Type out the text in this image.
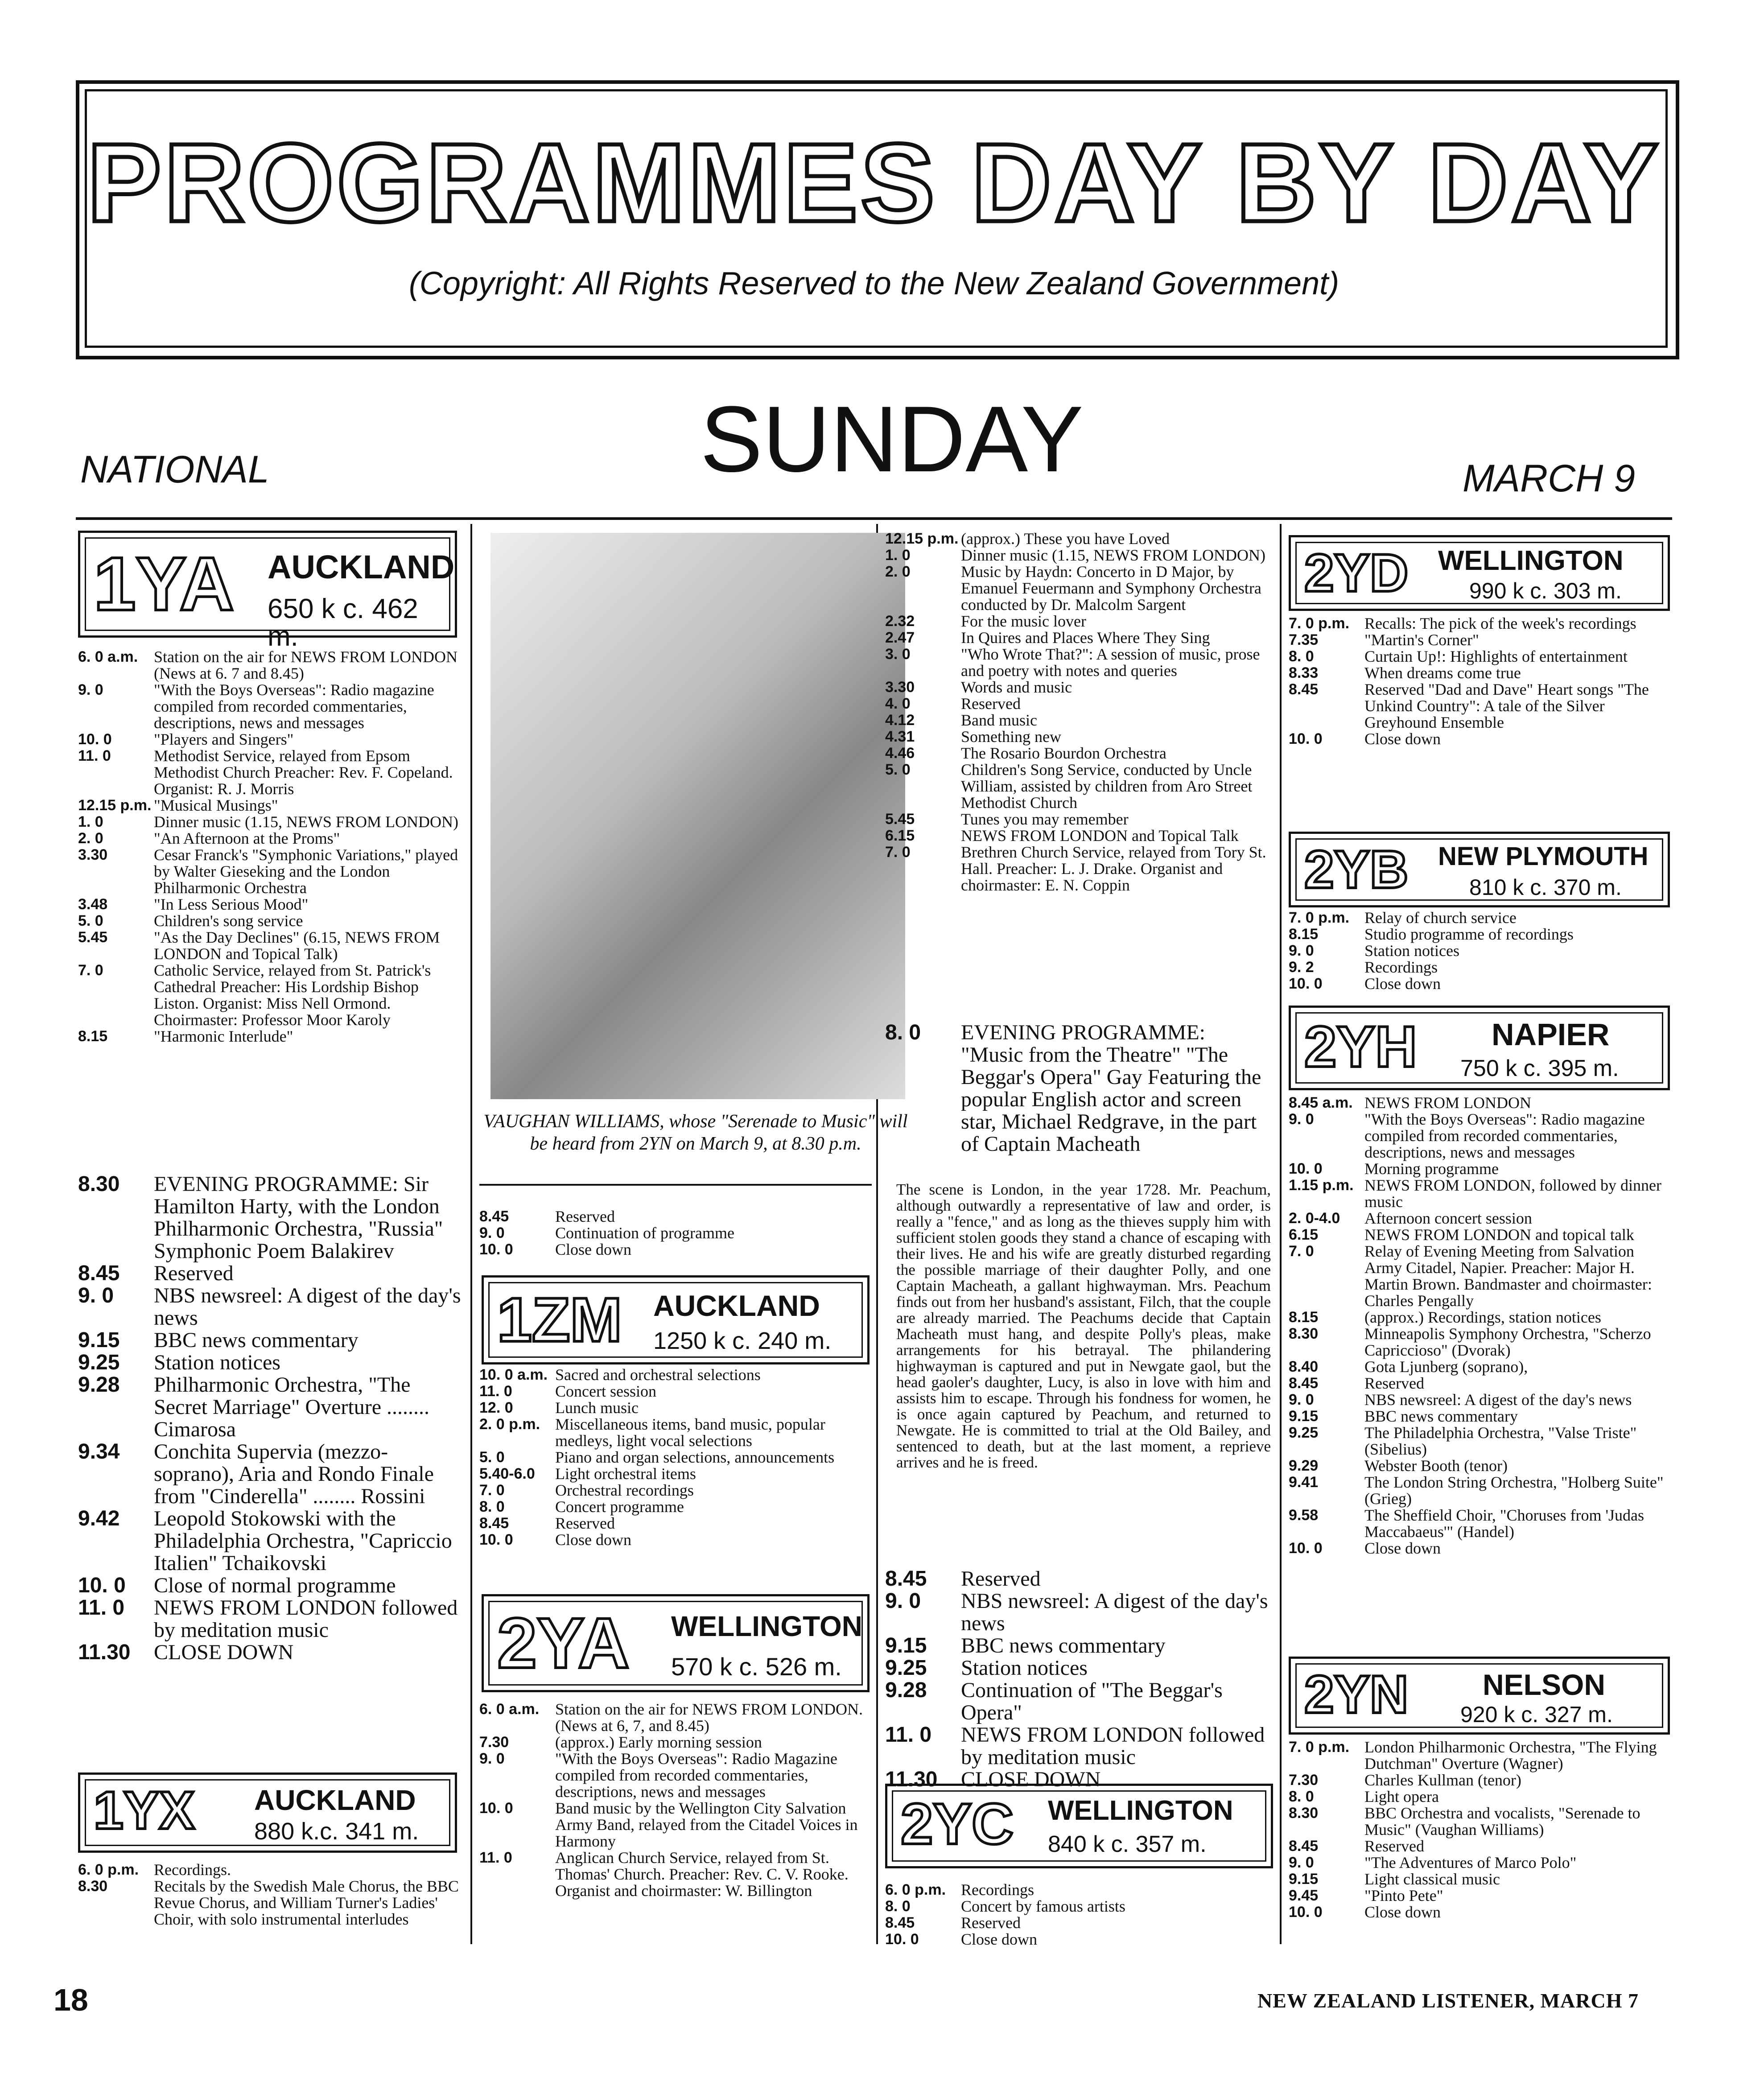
PROGRAMMES DAY BY DAY
(Copyright: All Rights Reserved to the New Zealand Government)
SUNDAY
NATIONAL	MARCH 9
1YA AUCKLAND
650 k c. 462 m.
6. 0 a.m. Station on the air for NEWS FROM LONDON (News at 6. 7 and 8.45)
9. 0	"With the Boys Overseas": Radio magazine compiled from recorded commentaries, descriptions, news and messages
10. 0	"Players and Singers"
11. 0	Methodist Service, relayed from Epsom Methodist Church Preacher: Rev. F. Copeland. Organist: R. J. Morris
12.15 p.m. "Musical Musings"
1. 0	Dinner music (1.15, NEWS FROM LONDON)
2. 0	"An Afternoon at the Proms"
3.30	Cesar Franck's "Symphonic Variations," played by Walter Gieseking and the London Philharmonic Orchestra
3.48	"In Less Serious Mood"
5. 0	Children's song service
5.45	"As the Day Declines" (6.15, NEWS FROM LONDON and Topical Talk)
7. 0	Catholic Service, relayed from St. Patrick's Cathedral Preacher: His Lordship Bishop Liston. Organist: Miss Nell Ormond. Choirmaster: Professor Moor Karoly
8.15	"Harmonic Interlude"
8.30	EVENING PROGRAMME: Sir Hamilton Harty, with the London Philharmonic Orchestra, "Russia" Symphonic Poem Balakirev
8.45	Reserved
9. 0	NBS newsreel: A digest of the day's news
9.15	BBC news commentary
9.25	Station notices
9.28	Philharmonic Orchestra, "The Secret Marriage" Overture ........ Cimarosa
9.34	Conchita Supervia (mezzo-soprano), Aria and Rondo Finale from "Cinderella" ........ Rossini
9.42	Leopold Stokowski with the Philadelphia Orchestra, "Capriccio Italien" Tchaikovski
10. 0	Close of normal programme
11. 0	NEWS FROM LONDON followed by meditation music
11.30	CLOSE DOWN
1YX AUCKLAND
880 k.c. 341 m.
6. 0 p.m. Recordings.
8.30	Recitals by the Swedish Male Chorus, the BBC Revue Chorus, and William Turner's Ladies' Choir, with solo instrumental interludes
VAUGHAN WILLIAMS, whose "Serenade to Music" will be heard from 2YN on March 9, at 8.30 p.m.
8.45	Reserved
9. 0	Continuation of programme
10. 0	Close down
1ZM AUCKLAND
1250 k c. 240 m.
10. 0 a.m. Sacred and orchestral selections
11. 0	Concert session
12. 0	Lunch music
2. 0 p.m. Miscellaneous items, band music, popular medleys, light vocal selections
5. 0	Piano and organ selections, announcements
5.40-6.0	Light orchestral items
7. 0	Orchestral recordings
8. 0	Concert programme
8.45	Reserved
10. 0	Close down
2YA WELLINGTON
570 k c. 526 m.
6. 0 a.m. Station on the air for NEWS FROM LONDON. (News at 6, 7, and 8.45)
7.30	(approx.) Early morning session
9. 0	"With the Boys Overseas": Radio Magazine compiled from recorded commentaries, descriptions, news and messages
10. 0	Band music by the Wellington City Salvation Army Band, relayed from the Citadel Voices in Harmony
11. 0	Anglican Church Service, relayed from St. Thomas' Church. Preacher: Rev. C. V. Rooke. Organist and choirmaster: W. Billington
12.15 p.m. (approx.) These you have Loved
1. 0	Dinner music (1.15, NEWS FROM LONDON)
2. 0	Music by Haydn: Concerto in D Major, by Emanuel Feuermann and Symphony Orchestra conducted by Dr. Malcolm Sargent
2.32	For the music lover
2.47	In Quires and Places Where They Sing
3. 0	"Who Wrote That?": A session of music, prose and poetry with notes and queries
3.30	Words and music
4. 0	Reserved
4.12	Band music
4.31	Something new
4.46	The Rosario Bourdon Orchestra
5. 0	Children's Song Service, conducted by Uncle William, assisted by children from Aro Street Methodist Church
5.45	Tunes you may remember
6.15	NEWS FROM LONDON and Topical Talk
7. 0	Brethren Church Service, relayed from Tory St. Hall. Preacher: L. J. Drake. Organist and choirmaster: E. N. Coppin
8. 0	EVENING PROGRAMME: "Music from the Theatre" "The Beggar's Opera" Gay Featuring the popular English actor and screen star, Michael Redgrave, in the part of Captain Macheath
The scene is London, in the year 1728. Mr. Peachum, although outwardly a representative of law and order, is really a "fence," and as long as the thieves supply him with sufficient stolen goods they stand a chance of escaping with their lives. He and his wife are greatly disturbed regarding the possible marriage of their daughter Polly, and one Captain Macheath, a gallant highwayman. Mrs. Peachum finds out from her husband's assistant, Filch, that the couple are already married. The Peachums decide that Captain Macheath must hang, and despite Polly's pleas, make arrangements for his betrayal. The philandering highwayman is captured and put in Newgate gaol, but the head gaoler's daughter, Lucy, is also in love with him and assists him to escape. Through his fondness for women, he is once again captured by Peachum, and returned to Newgate. He is committed to trial at the Old Bailey, and sentenced to death, but at the last moment, a reprieve arrives and he is freed.
8.45	Reserved
9. 0	NBS newsreel: A digest of the day's news
9.15	BBC news commentary
9.25	Station notices
9.28	Continuation of "The Beggar's Opera"
11. 0	NEWS FROM LONDON followed by meditation music
11.30	CLOSE DOWN
2YC WELLINGTON
840 k c. 357 m.
6. 0 p.m. Recordings
8. 0	Concert by famous artists
8.45	Reserved
10. 0	Close down
2YD WELLINGTON
990 k c. 303 m.
7. 0 p.m. Recalls: The pick of the week's recordings
7.35	"Martin's Corner"
8. 0	Curtain Up!: Highlights of entertainment
8.33	When dreams come true
8.45	Reserved "Dad and Dave" Heart songs "The Unkind Country": A tale of the Silver Greyhound Ensemble
10. 0	Close down
2YB NEW PLYMOUTH
810 k c. 370 m.
7. 0 p.m. Relay of church service
8.15	Studio programme of recordings
9. 0	Station notices
9. 2	Recordings
10. 0	Close down
2YH NAPIER
750 k c. 395 m.
8.45 a.m. NEWS FROM LONDON
9. 0	"With the Boys Overseas": Radio magazine compiled from recorded commentaries, descriptions, news and messages
10. 0	Morning programme
1.15 p.m. NEWS FROM LONDON, followed by dinner music
2. 0-4.0	Afternoon concert session
6.15	NEWS FROM LONDON and topical talk
7. 0	Relay of Evening Meeting from Salvation Army Citadel, Napier. Preacher: Major H. Martin Brown. Bandmaster and choirmaster: Charles Pengally
8.15	(approx.) Recordings, station notices
8.30	Minneapolis Symphony Orchestra, "Scherzo Capriccioso" (Dvorak)
8.40	Gota Ljunberg (soprano),
8.45	Reserved
9. 0	NBS newsreel: A digest of the day's news
9.15	BBC news commentary
9.25	The Philadelphia Orchestra, "Valse Triste" (Sibelius)
9.29	Webster Booth (tenor)
9.41	The London String Orchestra, "Holberg Suite" (Grieg)
9.58	The Sheffield Choir, "Choruses from 'Judas Maccabaeus'" (Handel)
10. 0	Close down
2YN	NELSON
920 k c. 327 m.
7. 0 p.m. London Philharmonic Orchestra, "The Flying Dutchman" Overture (Wagner)
7.30	Charles Kullman (tenor)
8. 0	Light opera
8.30	BBC Orchestra and vocalists, "Serenade to Music" (Vaughan Williams)
8.45	Reserved
9. 0	"The Adventures of Marco Polo"
9.15	Light classical music
9.45	"Pinto Pete"
10. 0	Close down
18	NEW ZEALAND LISTENER, MARCH 7
